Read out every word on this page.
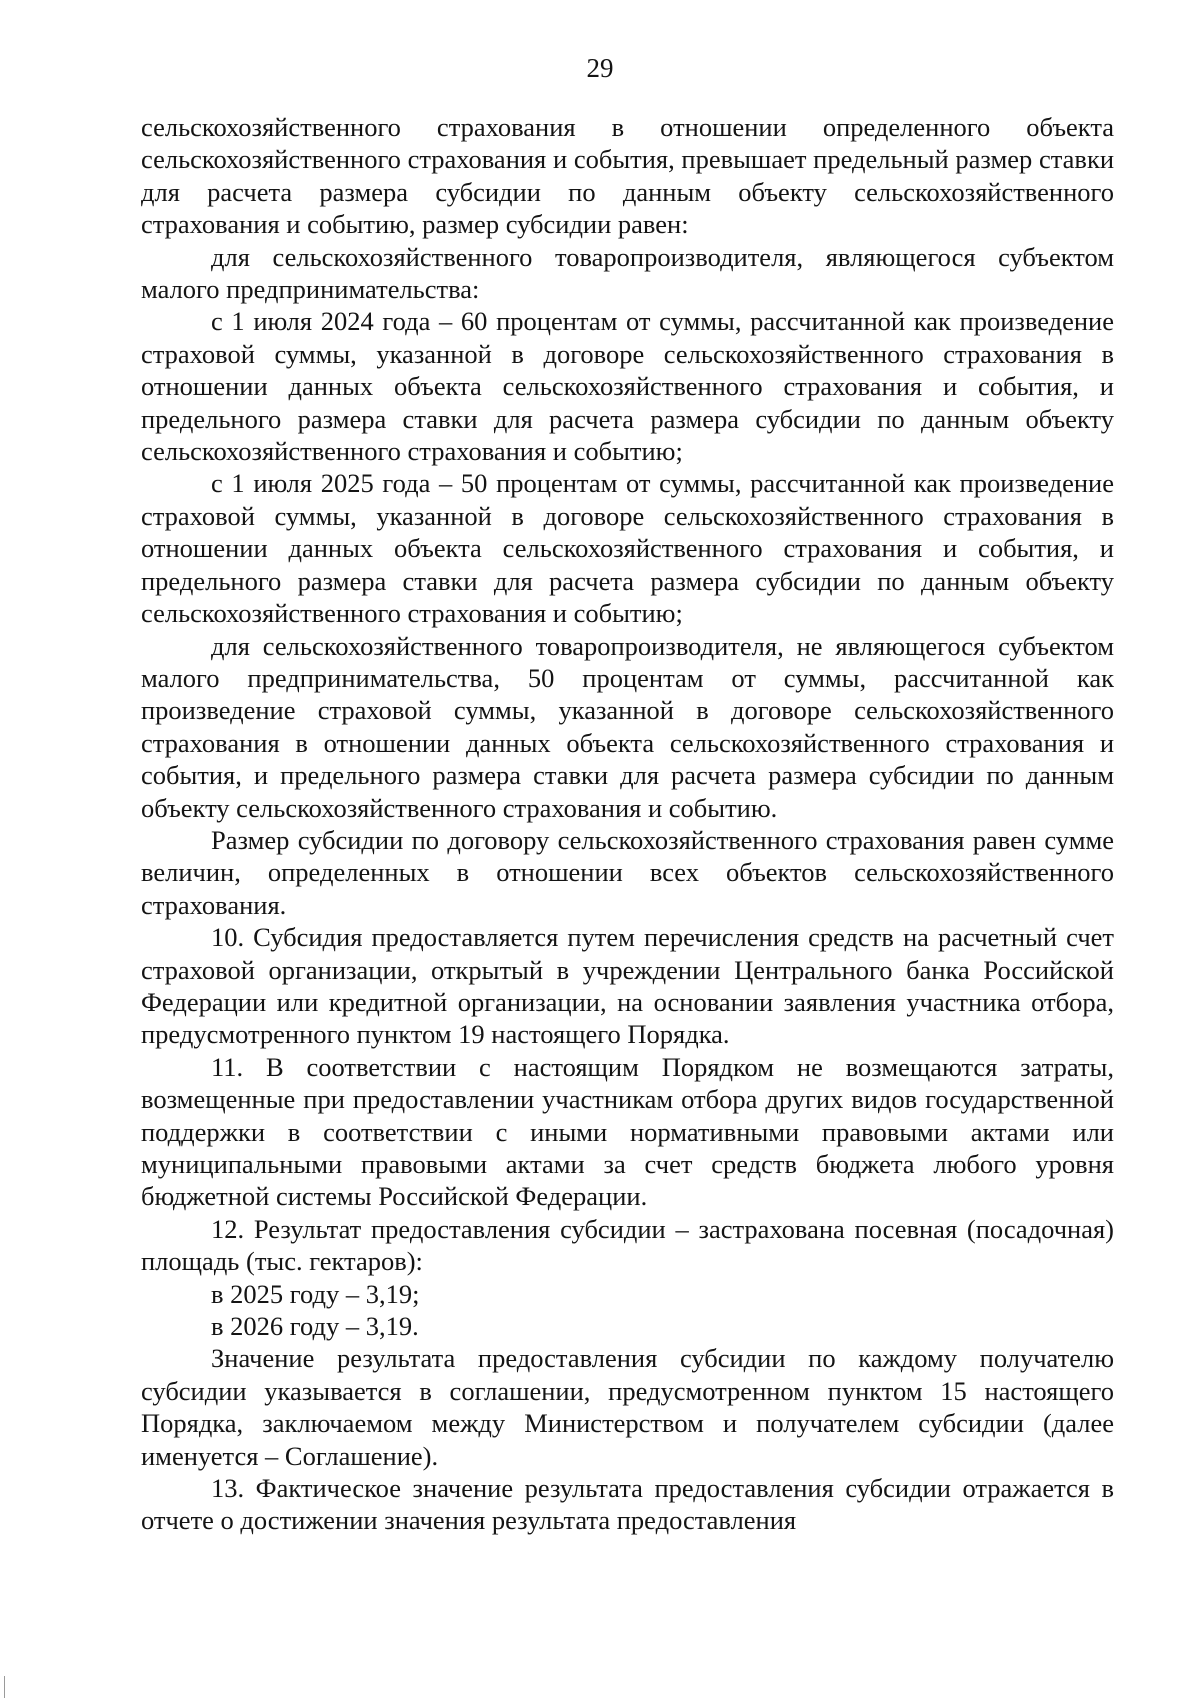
29

сельскохозяйственного страхования в отношении определенного объекта сельскохозяйственного страхования и события, превышает предельный размер ставки для расчета размера субсидии по данным объекту сельскохозяйственного страхования и событию, размер субсидии равен:

для сельскохозяйственного товаропроизводителя, являющегося субъектом малого предпринимательства:

с 1 июля 2024 года – 60 процентам от суммы, рассчитанной как произведение страховой суммы, указанной в договоре сельскохозяйственного страхования в отношении данных объекта сельскохозяйственного страхования и события, и предельного размера ставки для расчета размера субсидии по данным объекту сельскохозяйственного страхования и событию;

с 1 июля 2025 года – 50 процентам от суммы, рассчитанной как произведение страховой суммы, указанной в договоре сельскохозяйственного страхования в отношении данных объекта сельскохозяйственного страхования и события, и предельного размера ставки для расчета размера субсидии по данным объекту сельскохозяйственного страхования и событию;

для сельскохозяйственного товаропроизводителя, не являющегося субъектом малого предпринимательства, 50 процентам от суммы, рассчитанной как произведение страховой суммы, указанной в договоре сельскохозяйственного страхования в отношении данных объекта сельскохозяйственного страхования и события, и предельного размера ставки для расчета размера субсидии по данным объекту сельскохозяйственного страхования и событию.

Размер субсидии по договору сельскохозяйственного страхования равен сумме величин, определенных в отношении всех объектов сельскохозяйственного страхования.

10. Субсидия предоставляется путем перечисления средств на расчетный счет страховой организации, открытый в учреждении Центрального банка Российской Федерации или кредитной организации, на основании заявления участника отбора, предусмотренного пунктом 19 настоящего Порядка.

11. В соответствии с настоящим Порядком не возмещаются затраты, возмещенные при предоставлении участникам отбора других видов государственной поддержки в соответствии с иными нормативными правовыми актами или муниципальными правовыми актами за счет средств бюджета любого уровня бюджетной системы Российской Федерации.

12. Результат предоставления субсидии – застрахована посевная (посадочная) площадь (тыс. гектаров):

в 2025 году – 3,19;

в 2026 году – 3,19.

Значение результата предоставления субсидии по каждому получателю субсидии указывается в соглашении, предусмотренном пунктом 15 настоящего Порядка, заключаемом между Министерством и получателем субсидии (далее именуется – Соглашение).

13. Фактическое значение результата предоставления субсидии отражается в отчете о достижении значения результата предоставления
